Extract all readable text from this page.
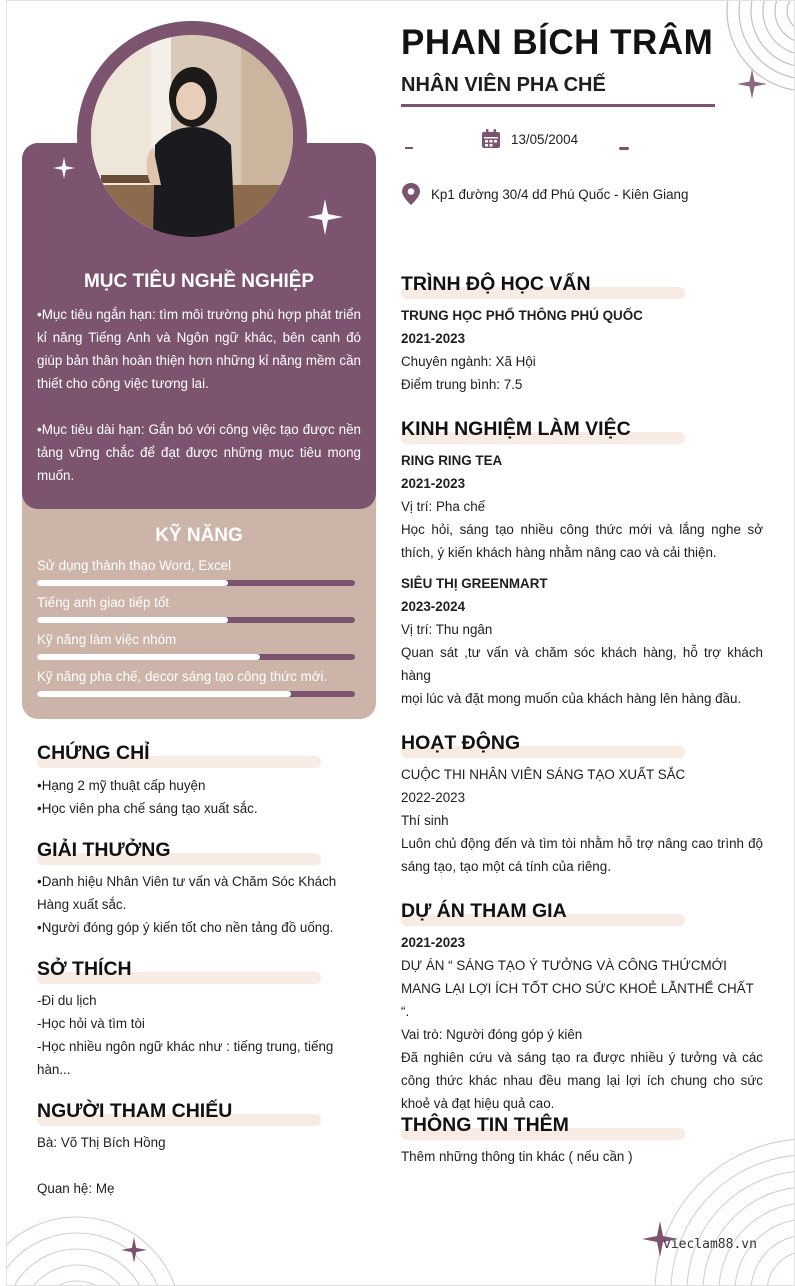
MỤC TIÊU NGHỀ NGHIỆP

•Mục tiêu ngắn hạn: tìm môi trường phù hợp phát triển kỉ năng Tiếng Anh và Ngôn ngữ khác, bên cạnh đó giúp bản thân hoàn thiện hơn những kỉ năng mềm cần thiết cho công việc tương lai.

•Mục tiêu dài hạn: Gắn bó với công việc tạo được nền tảng vững chắc để đạt được những mục tiêu mong muốn.

KỸ NĂNG
Sử dụng thành thạo Word, Excel
Tiếng anh giao tiếp tốt
Kỹ năng làm việc nhóm
Kỹ năng pha chế, decor sáng tạo công thức mới.
CHỨNG CHỈ
•Hạng 2 mỹ thuật cấp huyện
•Học viên pha chế sáng tạo xuất sắc.
GIẢI THƯỞNG
•Danh hiệu Nhân Viên tư vấn và Chăm Sóc Khách
Hàng xuất sắc.
•Người đóng góp ý kiến tốt cho nền tảng đồ uống.
SỞ THÍCH
-Đi du lịch
-Học hỏi và tìm tòi
-Học nhiều ngôn ngữ khác như : tiếng trung, tiếng
hàn...
NGƯỜI THAM CHIẾU
Bà: Võ Thị Bích Hồng
Quan hệ: Mẹ
PHAN BÍCH TRÂM
NHÂN VIÊN PHA CHẾ
13/05/2004
Kp1 đường 30/4 dđ Phú Quốc - Kiên Giang
TRÌNH ĐỘ HỌC VẤN
TRUNG HỌC PHỔ THÔNG PHÚ QUỐC
2021-2023
Chuyên ngành: Xã Hội
Điểm trung bình: 7.5
KINH NGHIỆM LÀM VIỆC
RING RING TEA
2021-2023
Vị trí: Pha chế
Học hỏi, sáng tạo nhiều công thức mới và lắng nghe sở thích, ý kiến khách hàng nhằm nâng cao và cải thiện.
SIÊU THỊ GREENMART
2023-2024
Vị trí: Thu ngân
Quan sát ,tư vấn và chăm sóc khách hàng, hỗ trợ khách hàng
mọi lúc và đặt mong muốn của khách hàng lên hàng đầu.
HOẠT ĐỘNG
CUỘC THI NHÂN VIÊN SÁNG TẠO XUẤT SẮC
2022-2023
Thí sinh
Luôn chủ động đến và tìm tòi nhằm hỗ trợ nâng cao trình độ sáng tạo, tạo một cá tính của riêng.
DỰ ÁN THAM GIA
2021-2023
DỰ ÁN “ SÁNG TẠO Ý TƯỞNG VÀ CÔNG THỨCMỚI MANG LẠI LỢI ÍCH TỐT CHO SỨC KHOẺ LẪNTHỂ CHẤT “.
Vai trò: Người đóng góp ý kiên
Đã nghiên cứu và sáng tạo ra được nhiều ý tưởng và các công thức khác nhau đều mang lại lợi ích chung cho sức khoẻ và đạt hiệu quả cao.
THÔNG TIN THÊM
Thêm những thông tin khác ( nếu cần )
vieclam88.vn
